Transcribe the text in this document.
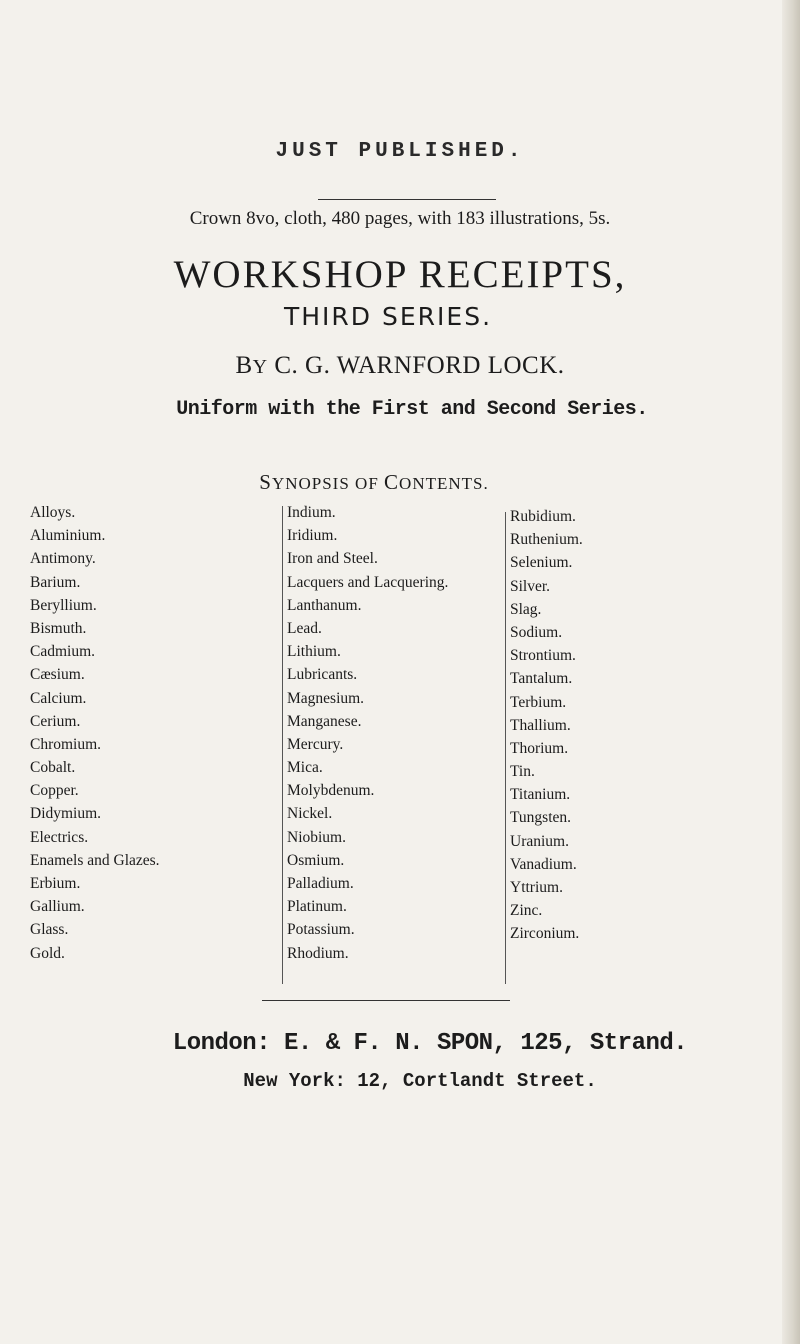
JUST PUBLISHED.
Crown 8vo, cloth, 480 pages, with 183 illustrations, 5s.
WORKSHOP RECEIPTS,
THIRD SERIES.
BY C. G. WARNFORD LOCK.
Uniform with the First and Second Series.
SYNOPSIS OF CONTENTS.
Alloys.
Aluminium.
Antimony.
Barium.
Beryllium.
Bismuth.
Cadmium.
Cæsium.
Calcium.
Cerium.
Chromium.
Cobalt.
Copper.
Didymium.
Electrics.
Enamels and Glazes.
Erbium.
Gallium.
Glass.
Gold.
Indium.
Iridium.
Iron and Steel.
Lacquers and Lacquering.
Lanthanum.
Lead.
Lithium.
Lubricants.
Magnesium.
Manganese.
Mercury.
Mica.
Molybdenum.
Nickel.
Niobium.
Osmium.
Palladium.
Platinum.
Potassium.
Rhodium.
Rubidium.
Ruthenium.
Selenium.
Silver.
Slag.
Sodium.
Strontium.
Tantalum.
Terbium.
Thallium.
Thorium.
Tin.
Titanium.
Tungsten.
Uranium.
Vanadium.
Yttrium.
Zinc.
Zirconium.
London: E. & F. N. SPON, 125, Strand.
New York: 12, Cortlandt Street.
